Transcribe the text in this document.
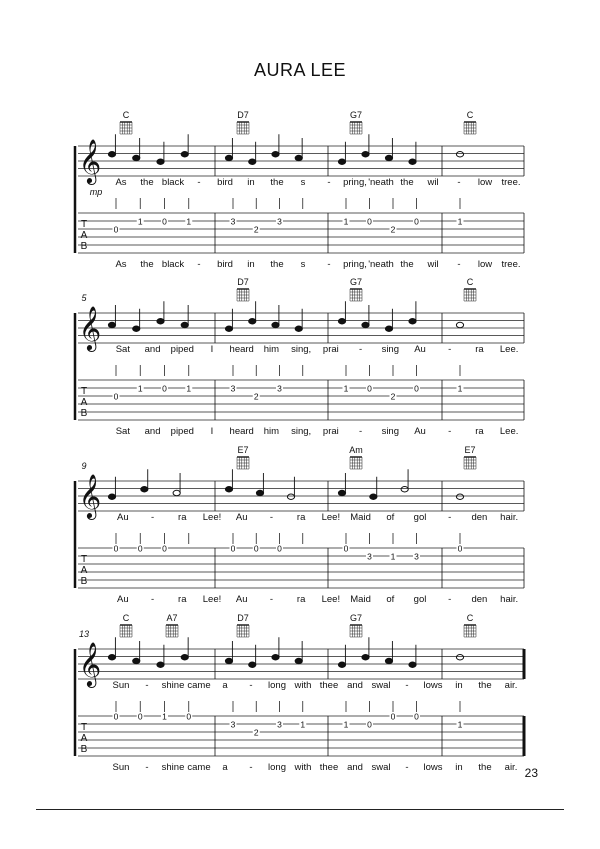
AURA LEE
C	D7	G7	C
𝄞
T
A
B
As
As
the
the
black
black
-
-
bird
bird
in
in
the
the
s
s
-
-
pring,
pring,
'neath
'neath
the
the
wil
wil
-
-
low
low
tree.
tree.
mp
1 0 1
0
3
2
3	1 0
2
0	1
5
D7	G7	C
𝄞
T
A
B
Sat
Sat
and
and
piped
piped
I
I
heard
heard
him
him
sing,
sing,
prai
prai
-
-
sing
sing
Au
Au
-
-
ra
ra
Lee.
Lee.
0
1 0 1	3
2
3	1 0
2
0	1
9
E7	Am	E7
𝄞
T
A
B
Au
Au
-
-
ra
ra
Lee!
Lee!
Au
Au
-
-
ra
ra
Lee!
Lee!
Maid
Maid
of
of
gol
gol
-
-
den
den
hair.
hair.
0 0 0	0 0 0	0
3 1 3
0
13
C	A7	D7	G7	C
𝄞
T
A
B
Sun
Sun
-
-
shine
shine
came
came
a
a
-
-
long
long
with
with
thee
thee
and
and
swal
swal
-
-
lows
lows
in
in
the
the
air.
air.
0 0 1 0
3
2
3 1	1 0
0 0
1
23
